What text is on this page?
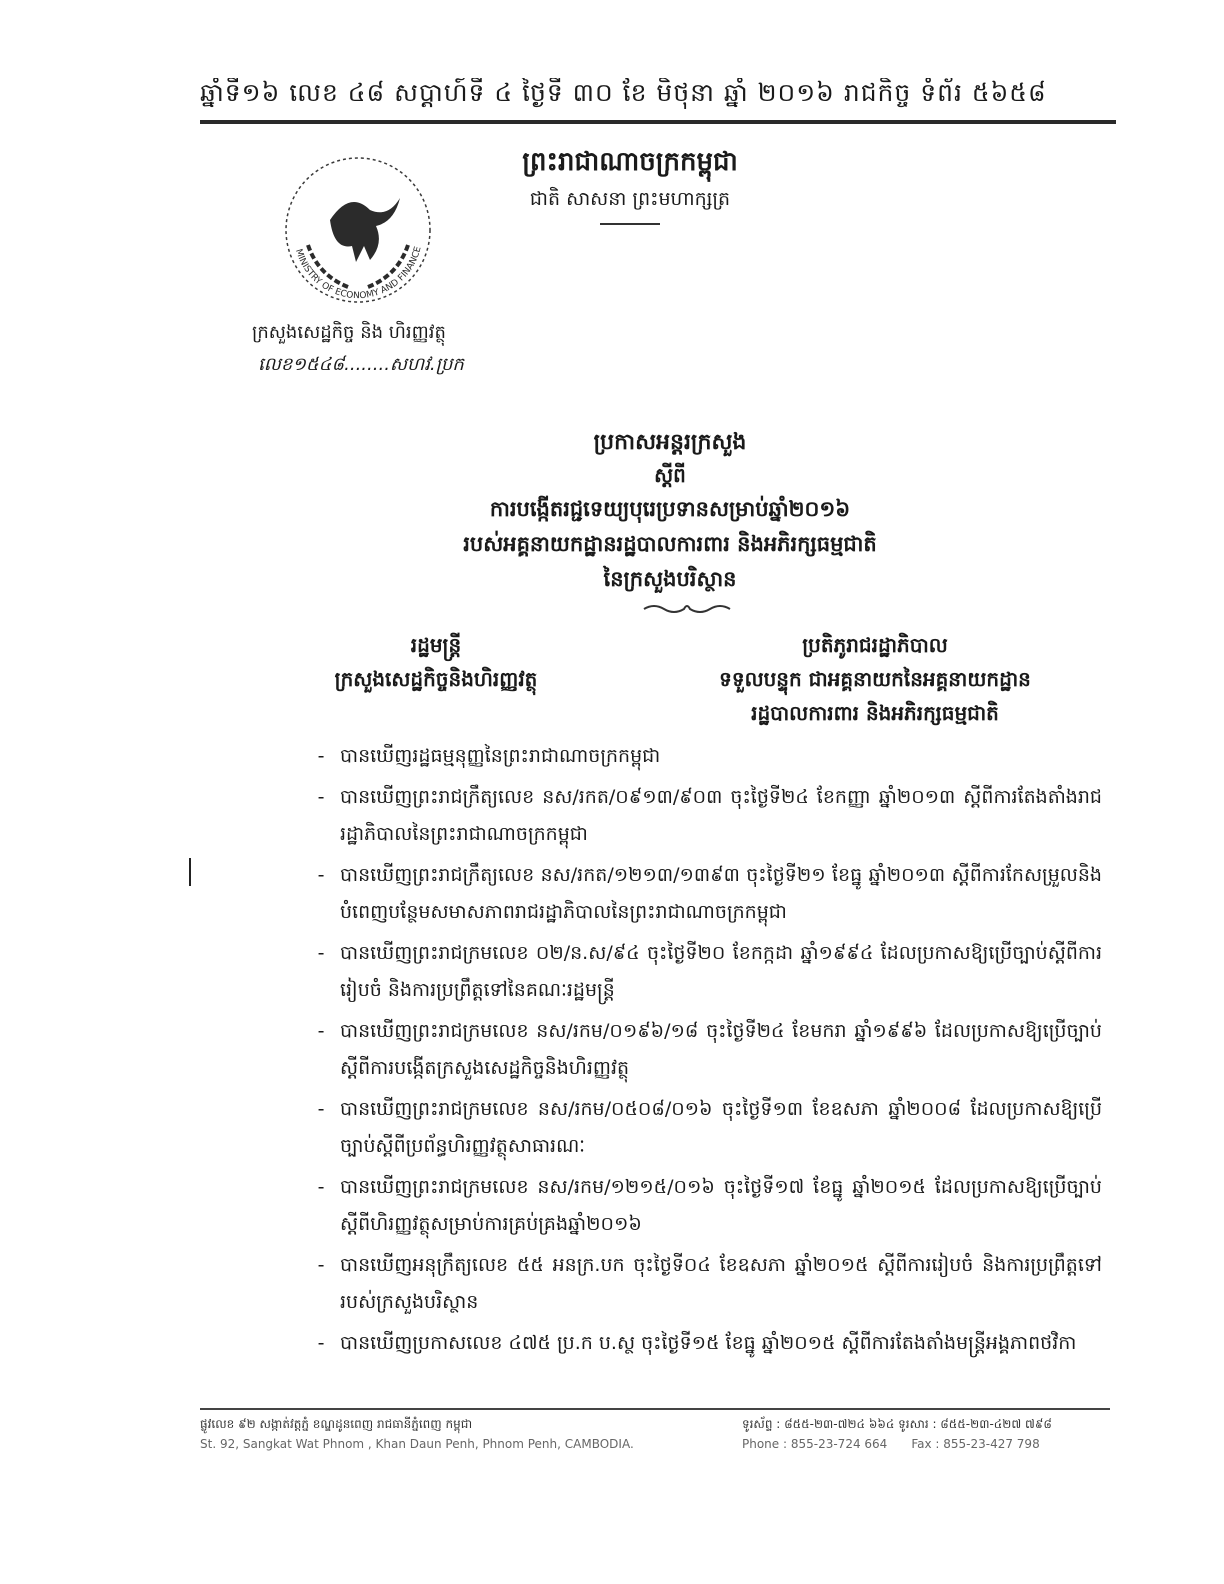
ឆ្នាំទី១៦ លេខ ៤៨ សប្តាហ៍ទី ៤ ថ្ងៃទី ៣០ ខែ មិថុនា ឆ្នាំ ២០១៦ រាជកិច្ច ទំព័រ ៥៦៥៨
MINISTRY OF ECONOMY AND FINANCE
ព្រះរាជាណាចក្រកម្ពុជា
ជាតិ សាសនា ព្រះមហាក្សត្រ
ក្រសួងសេដ្ឋកិច្ច និង ហិរញ្ញវត្ថុ
លេខ១៥៤៨........សហវ.ប្រក
ប្រកាសអន្តរក្រសួង
ស្តីពី
ការបង្កើតរជ្ជទេយ្យបុរេប្រទានសម្រាប់ឆ្នាំ២០១៦
របស់អគ្គនាយកដ្ឋានរដ្ឋបាលការពារ និងអភិរក្សធម្មជាតិ
នៃក្រសួងបរិស្ថាន
រដ្ឋមន្ត្រី
ក្រសួងសេដ្ឋកិច្ចនិងហិរញ្ញវត្ថុ
ប្រតិភូរាជរដ្ឋាភិបាល
ទទួលបន្ទុក ជាអគ្គនាយកនៃអគ្គនាយកដ្ឋាន
រដ្ឋបាលការពារ និងអភិរក្សធម្មជាតិ
- បានឃើញរដ្ឋធម្មនុញ្ញនៃព្រះរាជាណាចក្រកម្ពុជា
- បានឃើញព្រះរាជក្រឹត្យលេខ នស/រកត/០៩១៣/៩០៣ ចុះថ្ងៃទី២៤ ខែកញ្ញា ឆ្នាំ២០១៣ ស្តីពីការតែងតាំងរាជរដ្ឋាភិបាលនៃព្រះរាជាណាចក្រកម្ពុជា
- បានឃើញព្រះរាជក្រឹត្យលេខ នស/រកត/១២១៣/១៣៩៣ ចុះថ្ងៃទី២១ ខែធ្នូ ឆ្នាំ២០១៣ ស្តីពីការកែសម្រួលនិងបំពេញបន្ថែមសមាសភាពរាជរដ្ឋាភិបាលនៃព្រះរាជាណាចក្រកម្ពុជា
- បានឃើញព្រះរាជក្រមលេខ ០២/ន.ស/៩៤ ចុះថ្ងៃទី២០ ខែកក្កដា ឆ្នាំ១៩៩៤ ដែលប្រកាសឱ្យប្រើច្បាប់ស្តីពីការរៀបចំ និងការប្រព្រឹត្តទៅនៃគណៈរដ្ឋមន្ត្រី
- បានឃើញព្រះរាជក្រមលេខ នស/រកម/០១៩៦/១៨ ចុះថ្ងៃទី២៤ ខែមករា ឆ្នាំ១៩៩៦ ដែលប្រកាសឱ្យប្រើច្បាប់ស្តីពីការបង្កើតក្រសួងសេដ្ឋកិច្ចនិងហិរញ្ញវត្ថុ
- បានឃើញព្រះរាជក្រមលេខ នស/រកម/០៥០៨/០១៦ ចុះថ្ងៃទី១៣ ខែឧសភា ឆ្នាំ២០០៨ ដែលប្រកាសឱ្យប្រើច្បាប់ស្តីពីប្រព័ន្ធហិរញ្ញវត្ថុសាធារណៈ
- បានឃើញព្រះរាជក្រមលេខ នស/រកម/១២១៥/០១៦ ចុះថ្ងៃទី១៧ ខែធ្នូ ឆ្នាំ២០១៥ ដែលប្រកាសឱ្យប្រើច្បាប់ស្តីពីហិរញ្ញវត្ថុសម្រាប់ការគ្រប់គ្រងឆ្នាំ២០១៦
- បានឃើញអនុក្រឹត្យលេខ ៥៥ អនក្រ.បក ចុះថ្ងៃទី០៤ ខែឧសភា ឆ្នាំ២០១៥ ស្តីពីការរៀបចំ និងការប្រព្រឹត្តទៅរបស់ក្រសួងបរិស្ថាន
- បានឃើញប្រកាសលេខ ៤៧៥ ប្រ.ក ប.ស្ថ ចុះថ្ងៃទី១៥ ខែធ្នូ ឆ្នាំ២០១៥ ស្តីពីការតែងតាំងមន្ត្រីអង្គភាពថវិកា
ផ្លូវលេខ ៩២ សង្កាត់វត្តភ្នំ ខណ្ឌដូនពេញ រាជធានីភ្នំពេញ កម្ពុជា
St. 92, Sangkat Wat Phnom , Khan Daun Penh, Phnom Penh, CAMBODIA.
ទូរស័ព្ទ : ៨៥៥-២៣-៧២៤ ៦៦៤ ទូរសារ : ៨៥៥-២៣-៤២៧ ៧៩៨
Phone : 855-23-724 664 Fax : 855-23-427 798
